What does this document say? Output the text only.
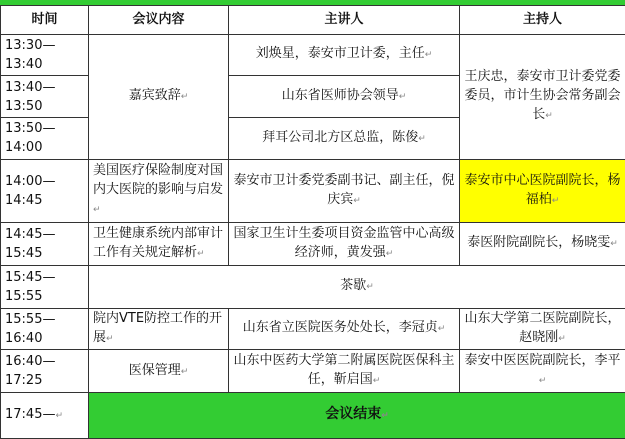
时间	会议内容	主讲人	主持人

13:30—
13:40	嘉宾致辞↵	刘焕星，泰安市卫计委，主任↵	王庆忠，泰安市卫计委党委委员，市计生协会常务副会长↵

13:40—
13:50		山东省医师协会领导↵	

13:50—
14:00		拜耳公司北方区总监，陈俊↵	

14:00—
14:45	美国医疗保险制度对国内大医院的影响与启发↵	泰安市卫计委党委副书记、副主任，倪庆宾↵	泰安市中心医院副院长，杨福柏↵

14:45—
15:45	卫生健康系统内部审计工作有关规定解析↵	国家卫生计生委项目资金监管中心高级经济师，黄发强↵	泰医附院副院长，杨晓雯↵

15:45—
15:55	茶歇↵		

15:55—
16:40	院内VTE防控工作的开展↵	山东省立医院医务处处长，李冠贞↵	山东大学第二医院副院长，赵晓刚↵

16:40—
17:25	医保管理↵	山东中医药大学第二附属医院医保科主任，靳启国↵	泰安中医医院副院长，李平↵
17:45—↵	会议结束↵		
